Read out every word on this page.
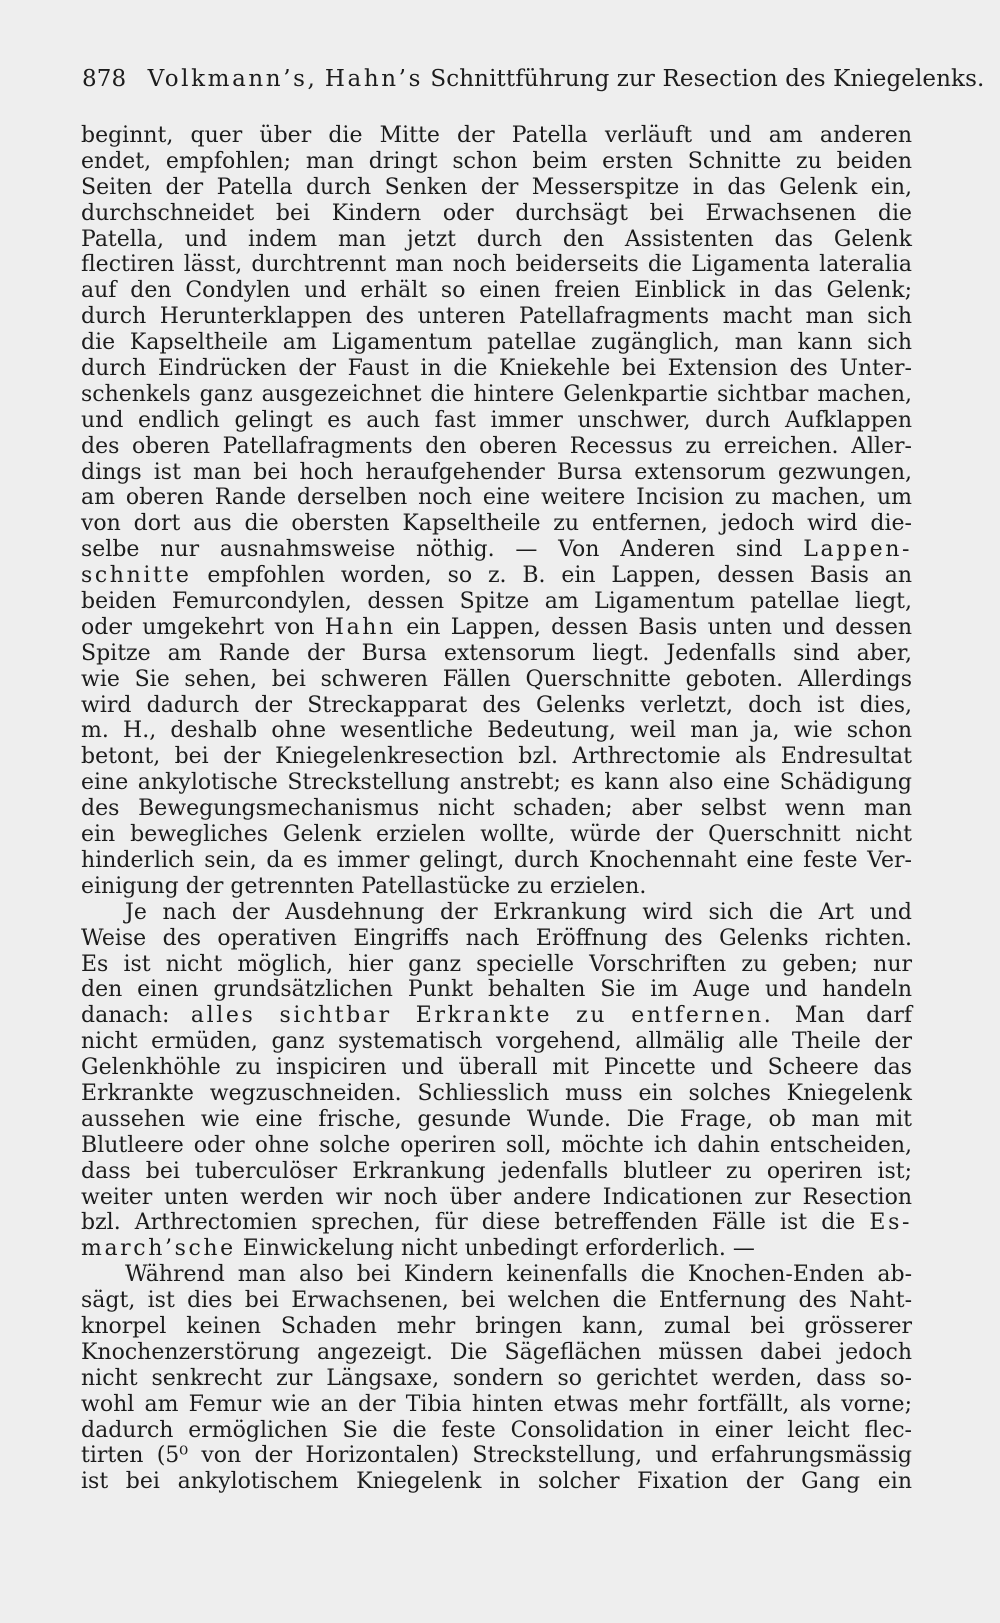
878 Volkmann’s, Hahn’s Schnittführung zur Resection des Kniegelenks.
beginnt, quer über die Mitte der Patella verläuft und am anderen
endet, empfohlen; man dringt schon beim ersten Schnitte zu beiden
Seiten der Patella durch Senken der Messerspitze in das Gelenk ein,
durchschneidet bei Kindern oder durchsägt bei Erwachsenen die
Patella, und indem man jetzt durch den Assistenten das Gelenk
flectiren lässt, durchtrennt man noch beiderseits die Ligamenta lateralia
auf den Condylen und erhält so einen freien Einblick in das Gelenk;
durch Herunterklappen des unteren Patellafragments macht man sich
die Kapseltheile am Ligamentum patellae zugänglich, man kann sich
durch Eindrücken der Faust in die Kniekehle bei Extension des Unter-
schenkels ganz ausgezeichnet die hintere Gelenkpartie sichtbar machen,
und endlich gelingt es auch fast immer unschwer, durch Aufklappen
des oberen Patellafragments den oberen Recessus zu erreichen. Aller-
dings ist man bei hoch heraufgehender Bursa extensorum gezwungen,
am oberen Rande derselben noch eine weitere Incision zu machen, um
von dort aus die obersten Kapseltheile zu entfernen, jedoch wird die-
selbe nur ausnahmsweise nöthig. — Von Anderen sind Lappen-
schnitte empfohlen worden, so z. B. ein Lappen, dessen Basis an
beiden Femurcondylen, dessen Spitze am Ligamentum patellae liegt,
oder umgekehrt von Hahn ein Lappen, dessen Basis unten und dessen
Spitze am Rande der Bursa extensorum liegt. Jedenfalls sind aber,
wie Sie sehen, bei schweren Fällen Querschnitte geboten. Allerdings
wird dadurch der Streckapparat des Gelenks verletzt, doch ist dies,
m. H., deshalb ohne wesentliche Bedeutung, weil man ja, wie schon
betont, bei der Kniegelenkresection bzl. Arthrectomie als Endresultat
eine ankylotische Streckstellung anstrebt; es kann also eine Schädigung
des Bewegungsmechanismus nicht schaden; aber selbst wenn man
ein bewegliches Gelenk erzielen wollte, würde der Querschnitt nicht
hinderlich sein, da es immer gelingt, durch Knochennaht eine feste Ver-
einigung der getrennten Patellastücke zu erzielen.
Je nach der Ausdehnung der Erkrankung wird sich die Art und
Weise des operativen Eingriffs nach Eröffnung des Gelenks richten.
Es ist nicht möglich, hier ganz specielle Vorschriften zu geben; nur
den einen grundsätzlichen Punkt behalten Sie im Auge und handeln
danach: alles sichtbar Erkrankte zu entfernen. Man darf
nicht ermüden, ganz systematisch vorgehend, allmälig alle Theile der
Gelenkhöhle zu inspiciren und überall mit Pincette und Scheere das
Erkrankte wegzuschneiden. Schliesslich muss ein solches Kniegelenk
aussehen wie eine frische, gesunde Wunde. Die Frage, ob man mit
Blutleere oder ohne solche operiren soll, möchte ich dahin entscheiden,
dass bei tuberculöser Erkrankung jedenfalls blutleer zu operiren ist;
weiter unten werden wir noch über andere Indicationen zur Resection
bzl. Arthrectomien sprechen, für diese betreffenden Fälle ist die Es-
march’sche Einwickelung nicht unbedingt erforderlich. —
Während man also bei Kindern keinenfalls die Knochen-Enden ab-
sägt, ist dies bei Erwachsenen, bei welchen die Entfernung des Naht-
knorpel keinen Schaden mehr bringen kann, zumal bei grösserer
Knochenzerstörung angezeigt. Die Sägeflächen müssen dabei jedoch
nicht senkrecht zur Längsaxe, sondern so gerichtet werden, dass so-
wohl am Femur wie an der Tibia hinten etwas mehr fortfällt, als vorne;
dadurch ermöglichen Sie die feste Consolidation in einer leicht flec-
tirten (5⁰ von der Horizontalen) Streckstellung, und erfahrungsmässig
ist bei ankylotischem Kniegelenk in solcher Fixation der Gang ein
